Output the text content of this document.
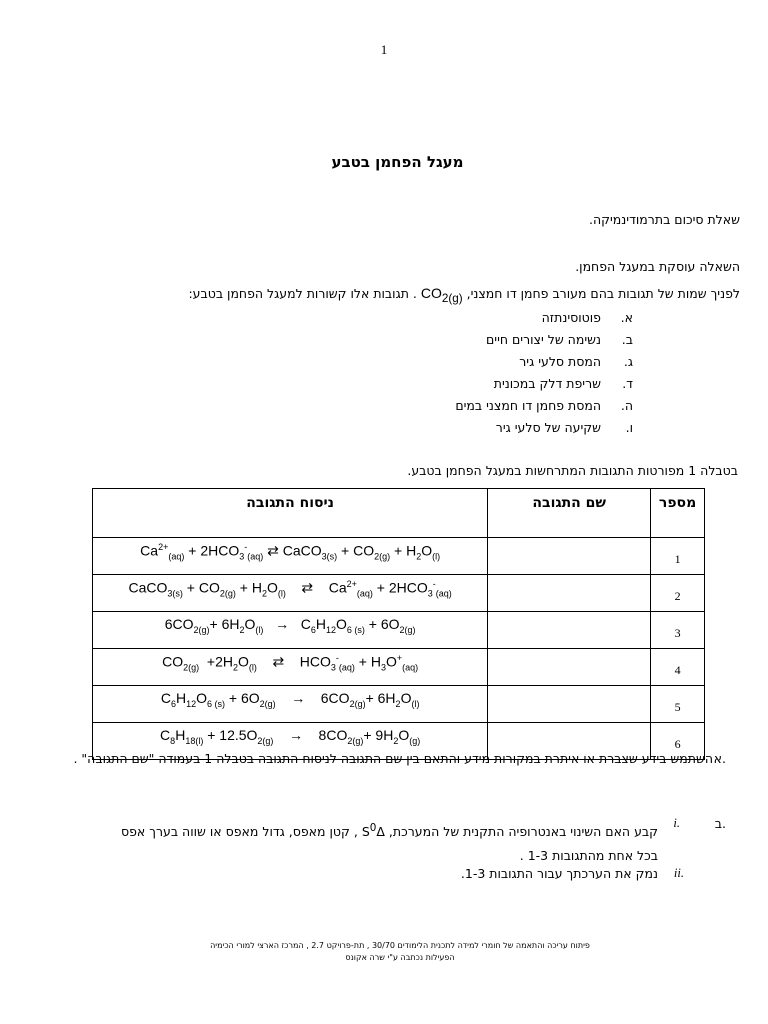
1
מעגל הפחמן בטבע
שאלת סיכום בתרמודינמיקה.
השאלה עוסקת במעגל הפחמן.
לפניך שמות של תגובות בהם מעורב פחמן דו חמצני, $CO_{2(g)}$ . תגובות אלו קשורות למעגל הפחמן בטבע:
א.פוטוסינתזה
ב.נשימה של יצורים חיים
ג.המסת סלעי גיר
ד.שריפת דלק במכונית
ה.המסת פחמן דו חמצני במים
ו.שקיעה של סלעי גיר
בטבלה 1 מפורטות התגובות המתרחשות במעגל הפחמן בטבע.
מספר	שם התגובה	ניסוח התגובה
1		$Ca^{2+}_{(aq)} + 2HCO_3^-_{(aq)}$ ⇄ CaCO$_{3(s)}$ + $CO_{2(g)} + H_2O_{(l)}$
2		CaCO$_{3(s)}$ + $CO_{2(g)} + H_2O_{(l)}$    ⇄    $Ca^{2+}_{(aq)} + 2HCO_3^-_{(aq)}$
3		$6CO_{2(g)}+ 6H_2O_{(l)} \to C_6H_{12}O_{6 (s)} + 6O_{2(g)}$
4		$CO_{2(g)} +2H_2O_{(l)}$    ⇄    $HCO_3^-_{(aq)} + H_3O^+_{(aq)}$
5		$C_6H_{12}O_{6 (s)} + 6O_{2(g)}$    →    $6CO_{2(g)}+ 6H_2O_{(l)}$
6		$C_8H_{18(l)} + 12.5O_{2(g)}$    →    $8CO_{2(g)}+ 9H_2O_{(g)}$
א.
השתמש בידע שצברת או איתרת במקורות מידע והתאם בין שם התגובה לניסוח התגובה בטבלה 1 בעמודה "שם התגובה" .
ב.
i.
קבע האם השינוי באנטרופיה התקנית של המערכת, $S^0\Delta$ , קטן מאפס, גדול מאפס או שווה בערך אפס בכל אחת מהתגובות 1-3 .
ii.
נמק את הערכתך עבור התגובות 1-3.
פיתוח עריכה והתאמה של חומרי למידה לתכנית הלימודים 30/70 , תת-פרויקט 2.7 , המרכז הארצי למורי הכימיה
הפעילות נכתבה ע"י שרה אקונס
